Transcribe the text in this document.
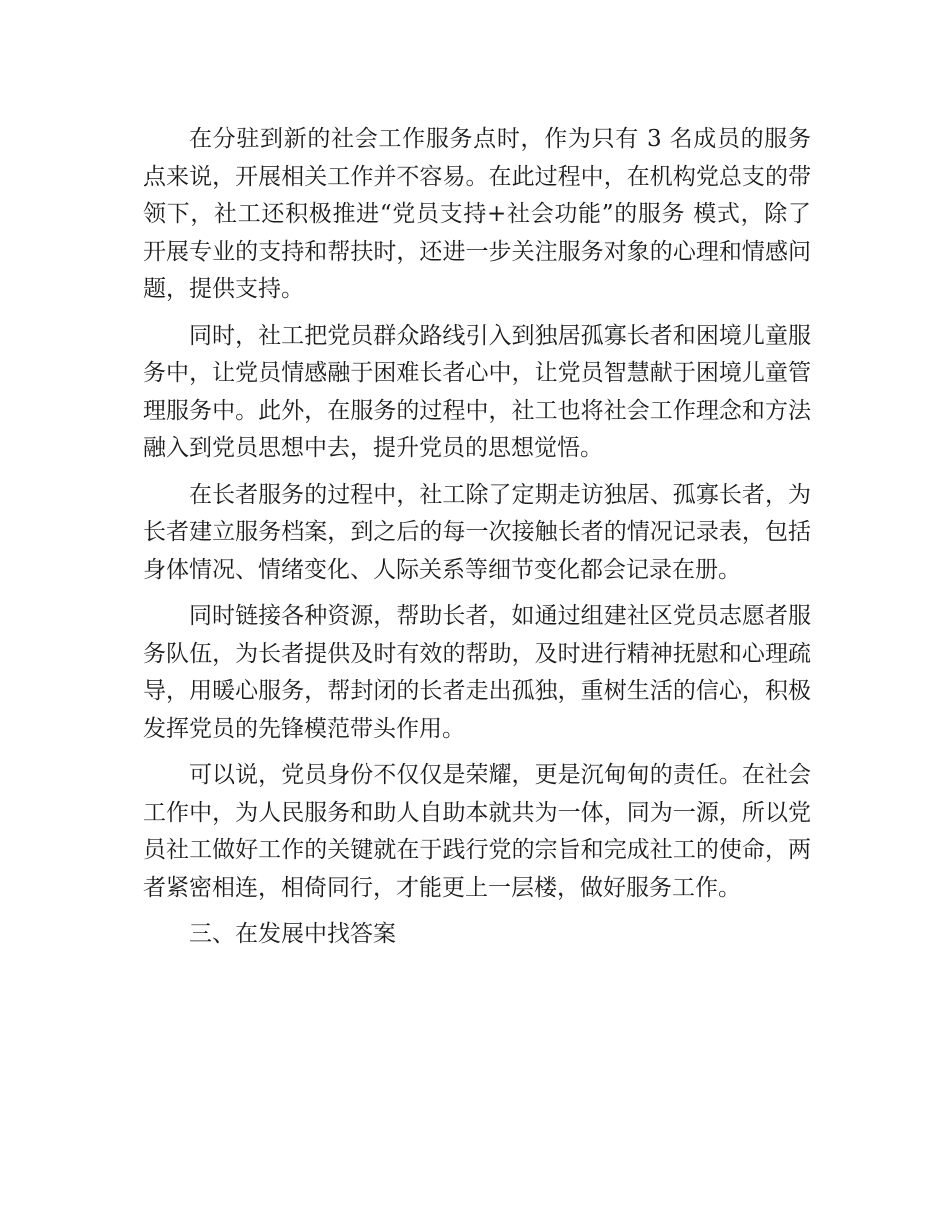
在分驻到新的社会工作服务点时，作为只有 3 名成员的服务点来说，开展相关工作并不容易。在此过程中，在机构党总支的带领下，社工还积极推进“党员支持+社会功能”的服务 模式，除了开展专业的支持和帮扶时，还进一步关注服务对象的心理和情感问题，提供支持。

同时，社工把党员群众路线引入到独居孤寡长者和困境儿童服务中，让党员情感融于困难长者心中，让党员智慧献于困境儿童管理服务中。此外，在服务的过程中，社工也将社会工作理念和方法融入到党员思想中去，提升党员的思想觉悟。

在长者服务的过程中，社工除了定期走访独居、孤寡长者，为长者建立服务档案，到之后的每一次接触长者的情况记录表，包括身体情况、情绪变化、人际关系等细节变化都会记录在册。

同时链接各种资源，帮助长者，如通过组建社区党员志愿者服务队伍，为长者提供及时有效的帮助，及时进行精神抚慰和心理疏导，用暖心服务，帮封闭的长者走出孤独，重树生活的信心，积极发挥党员的先锋模范带头作用。

可以说，党员身份不仅仅是荣耀，更是沉甸甸的责任。在社会工作中，为人民服务和助人自助本就共为一体，同为一源，所以党员社工做好工作的关键就在于践行党的宗旨和完成社工的使命，两者紧密相连，相倚同行，才能更上一层楼，做好服务工作。

三、在发展中找答案
